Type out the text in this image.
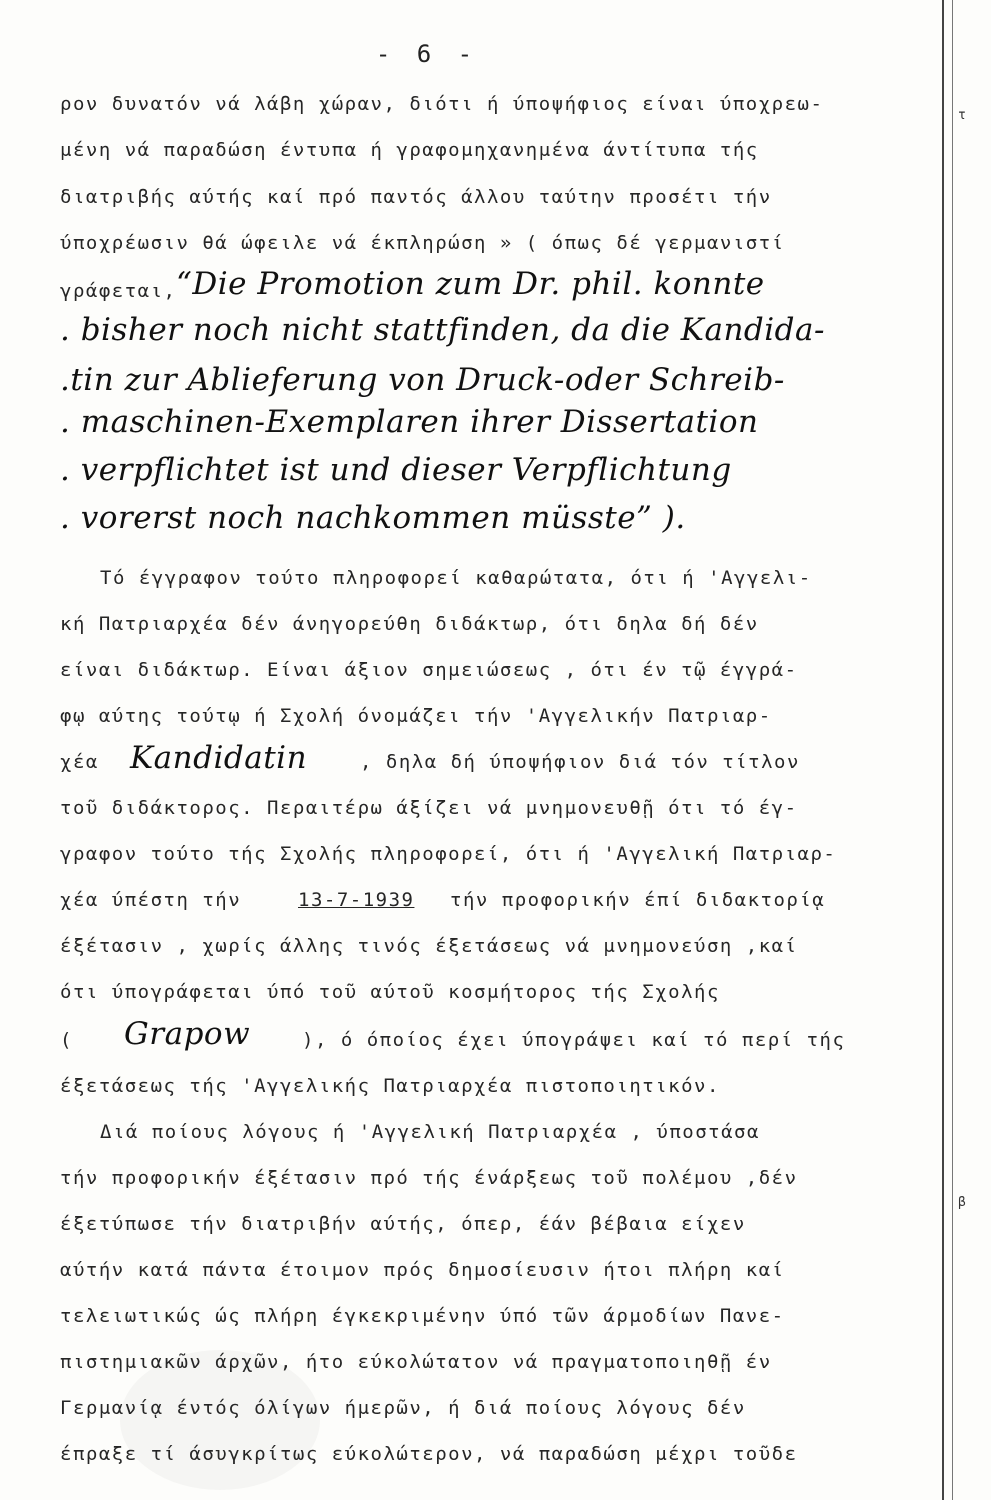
τ
β
- 6 -
ρον δυνατόν νά λάβη χώραν, διότι ή ύποψήφιος είναι ύποχρεω-
μένη νά παραδώση έντυπα ή γραφομηχανημένα άντίτυπα τής
διατριβής αύτής καί πρό παντός άλλου ταύτην προσέτι τήν
ύποχρέωσιν θά ώφειλε νά έκπληρώση » ( όπως δέ γερμανιστί
γράφεται, “Die Promotion zum Dr. phil. konnte
. bisher noch nicht stattfinden, da die Kandida-
.tin zur Ablieferung von Druck-oder Schreib-
. maschinen-Exemplaren ihrer Dissertation
. verpflichtet ist und dieser Verpflichtung
. vorerst noch nachkommen müsste” ).
Τό έγγραφον τούτο πληροφορεί καθαρώτατα, ότι ή 'Αγγελι-
κή Πατριαρχέα δέν άνηγορεύθη διδάκτωρ, ότι δηλα δή δέν
είναι διδάκτωρ. Είναι άξιον σημειώσεως , ότι έν τῷ έγγρά-
φῳ αύτης τούτῳ ή Σχολή όνομάζει τήν 'Αγγελικήν Πατριαρ-
χέα Kandidatin	, δηλα δή ύποψήφιον διά τόν τίτλον
τοῦ διδάκτορος. Περαιτέρω άξίζει νά μνημονευθῇ ότι τό έγ-
γραφον τούτο τής Σχολής πληροφορεί, ότι ή 'Αγγελική Πατριαρ-
χέα ύπέστη τήν	13-7-1939 τήν προφορικήν έπί διδακτορίᾳ
έξέτασιν , χωρίς άλλης τινός έξετάσεως νά μνημονεύση ,καί
ότι ύπογράφεται ύπό τοῦ αύτοῦ κοσμήτορος τής Σχολής
( Grapow	), ό όποίος έχει ύπογράψει καί τό περί τής
έξετάσεως τής 'Αγγελικής Πατριαρχέα πιστοποιητικόν.
Διά ποίους λόγους ή 'Αγγελική Πατριαρχέα , ύποστάσα
τήν προφορικήν έξέτασιν πρό τής ένάρξεως τοῦ πολέμου ,δέν
έξετύπωσε τήν διατριβήν αύτής, όπερ, έάν βέβαια είχεν
αύτήν κατά πάντα έτοιμον πρός δημοσίευσιν ήτοι πλήρη καί
τελειωτικώς ώς πλήρη έγκεκριμένην ύπό τῶν άρμοδίων Πανε-
πιστημιακῶν άρχῶν, ήτο εύκολώτατον νά πραγματοποιηθῇ έν
Γερμανίᾳ έντός όλίγων ήμερῶν, ή διά ποίους λόγους δέν
έπραξε τί άσυγκρίτως εύκολώτερον, νά παραδώση μέχρι τοῦδε
